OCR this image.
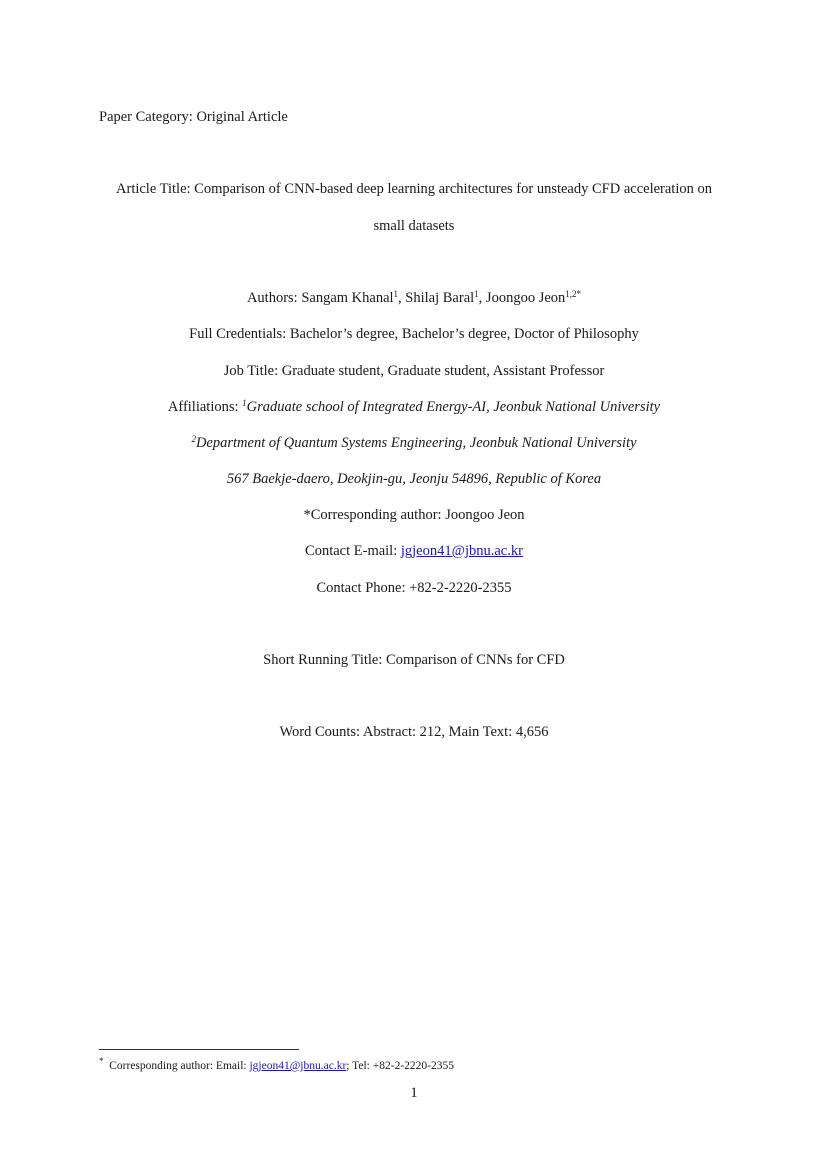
Paper Category: Original Article
Article Title: Comparison of CNN-based deep learning architectures for unsteady CFD acceleration on
small datasets
Authors: Sangam Khanal$^1$, Shilaj Baral$^1$, Joongoo Jeon$^{1,2*}$
Full Credentials: Bachelor’s degree, Bachelor’s degree, Doctor of Philosophy
Job Title: Graduate student, Graduate student, Assistant Professor
Affiliations: $^1$Graduate school of Integrated Energy-AI, Jeonbuk National University
$^2$Department of Quantum Systems Engineering, Jeonbuk National University
567 Baekje-daero, Deokjin-gu, Jeonju 54896, Republic of Korea
*Corresponding author: Joongoo Jeon
Contact E-mail: jgjeon41@jbnu.ac.kr
Contact Phone: +82-2-2220-2355
Short Running Title: Comparison of CNNs for CFD
Word Counts: Abstract: 212, Main Text: 4,656
* Corresponding author: Email: jgjeon41@jbnu.ac.kr; Tel: +82-2-2220-2355
1
